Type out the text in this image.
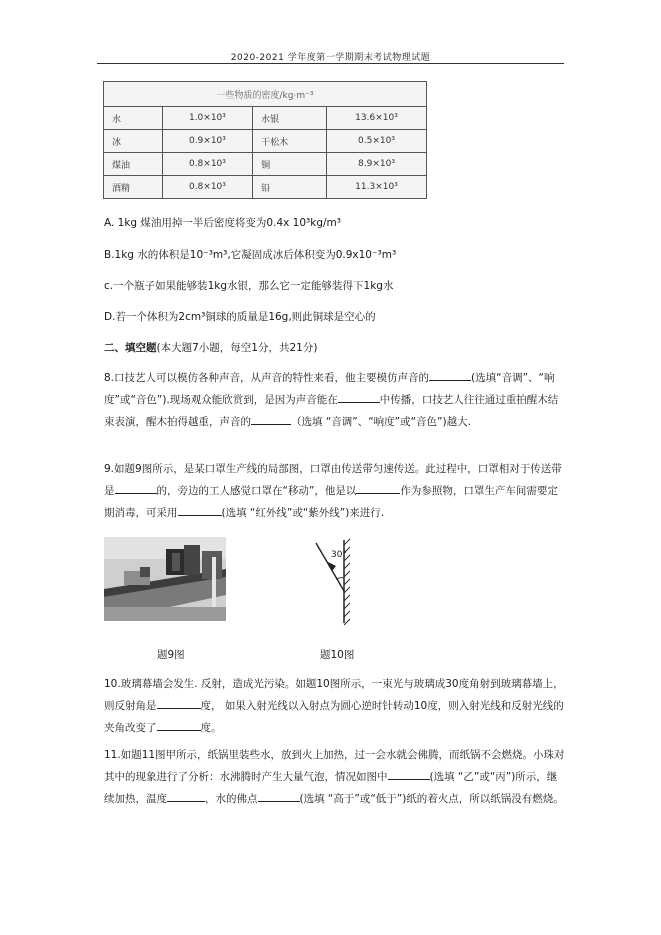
2020-2021 学年度第一学期期末考试物理试题
一些物质的密度/kg·m⁻³			
水	1.0×10³	水银	13.6×10³
冰	0.9×10³	干松木	0.5×10³
煤油	0.8×10³	铜	8.9×10³
酒精	0.8×10³	铅	11.3×10³
A. 1kg 煤油用掉一半后密度将变为0.4x 10³kg/m³
B.1kg 水的体积是10⁻³m³,它凝固成冰后体积变为0.9x10⁻³m³
c.一个瓶子如果能够装1kg水银，那么它一定能够装得下1kg水
D.若一个体积为2cm³铜球的质量是16g,则此铜球是空心的
二、填空题(本大题7小题，每空1分，共21分)
8.口技艺人可以模仿各种声音，从声音的特性来看，他主要模仿声音的	(选填“音调”、“响度”或“音色”).现场观众能欣赏到，是因为声音能在	中传播，口技艺人往往通过重拍醒木结束表演，醒木拍得越重，声音的	（选填 “音调”、“响度”或“音色”)越大.
9.如题9图所示，是某口罩生产线的局部图，口罩由传送带匀速传送。此过程中，口罩相对于传送带是	的，旁边的工人感觉口罩在“移动”，他是以	作为参照物，口罩生产车间需要定期消毒，可采用	(选填 “红外线”或“紫外线”)来进行.
30°
题9图	题10图
10.玻璃幕墙会发生. 反射，造成光污染。如题10图所示，一束光与玻璃成30度角射到玻璃幕墙上，则反射角是	度， 如果入射光线以入射点为圆心逆时针转动10度，则入射光线和反射光线的夹角改变了	度。
11.如题11图甲所示，纸锅里装些水，放到火上加热，过一会水就会佛腾，而纸锅不会燃烧。小珠对其中的现象进行了分析：水沸腾时产生大量气泡，情况如图中	(选填 “乙”或“丙”)所示，继续加热，温度	，水的佛点	(选填 “高于”或“低于”)纸的着火点，所以纸锅没有燃烧。
